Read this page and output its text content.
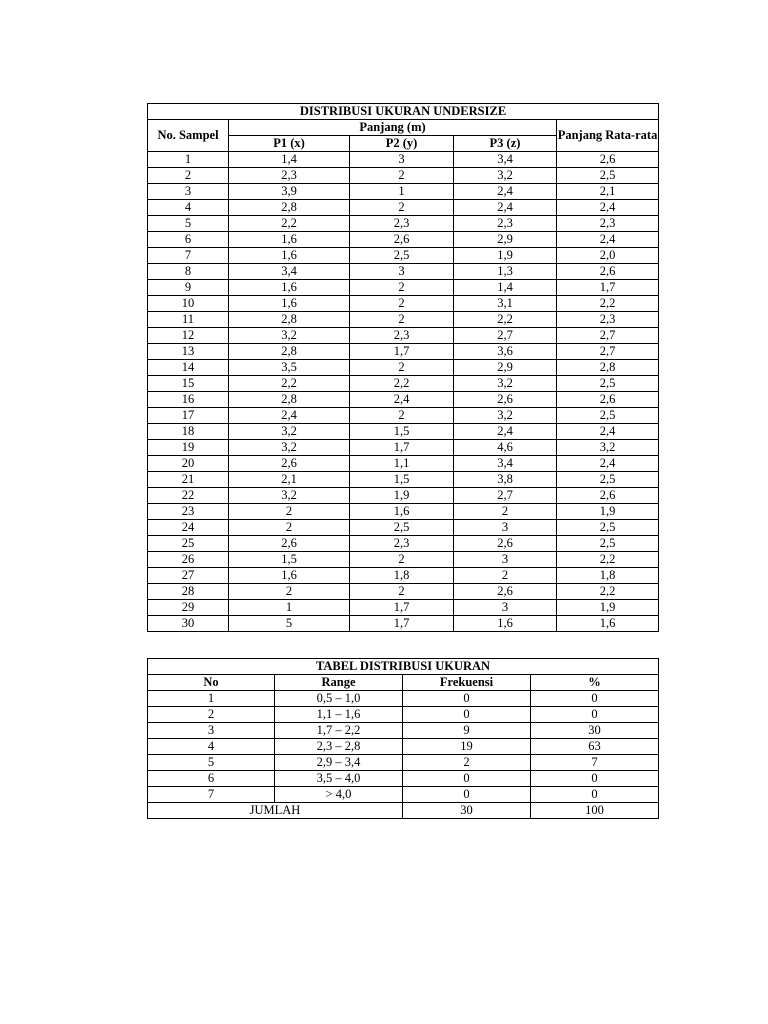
DISTRIBUSI UKURAN UNDERSIZE				
No. Sampel	Panjang (m)			Panjang Rata-rata
	P1 (x)	P2 (y)	P3 (z)	
1	1,4	3	3,4	2,6
2	2,3	2	3,2	2,5
3	3,9	1	2,4	2,1
4	2,8	2	2,4	2,4
5	2,2	2,3	2,3	2,3
6	1,6	2,6	2,9	2,4
7	1,6	2,5	1,9	2,0
8	3,4	3	1,3	2,6
9	1,6	2	1,4	1,7
10	1,6	2	3,1	2,2
11	2,8	2	2,2	2,3
12	3,2	2,3	2,7	2,7
13	2,8	1,7	3,6	2,7
14	3,5	2	2,9	2,8
15	2,2	2,2	3,2	2,5
16	2,8	2,4	2,6	2,6
17	2,4	2	3,2	2,5
18	3,2	1,5	2,4	2,4
19	3,2	1,7	4,6	3,2
20	2,6	1,1	3,4	2,4
21	2,1	1,5	3,8	2,5
22	3,2	1,9	2,7	2,6
23	2	1,6	2	1,9
24	2	2,5	3	2,5
25	2,6	2,3	2,6	2,5
26	1,5	2	3	2,2
27	1,6	1,8	2	1,8
28	2	2	2,6	2,2
29	1	1,7	3	1,9
30	5	1,7	1,6	1,6
TABEL DISTRIBUSI UKURAN			
No	Range	Frekuensi	%
1	0,5 – 1,0	0	0
2	1,1 – 1,6	0	0
3	1,7 – 2,2	9	30
4	2,3 – 2,8	19	63
5	2,9 – 3,4	2	7
6	3,5 – 4,0	0	0
7	> 4,0	0	0
JUMLAH		30	100
